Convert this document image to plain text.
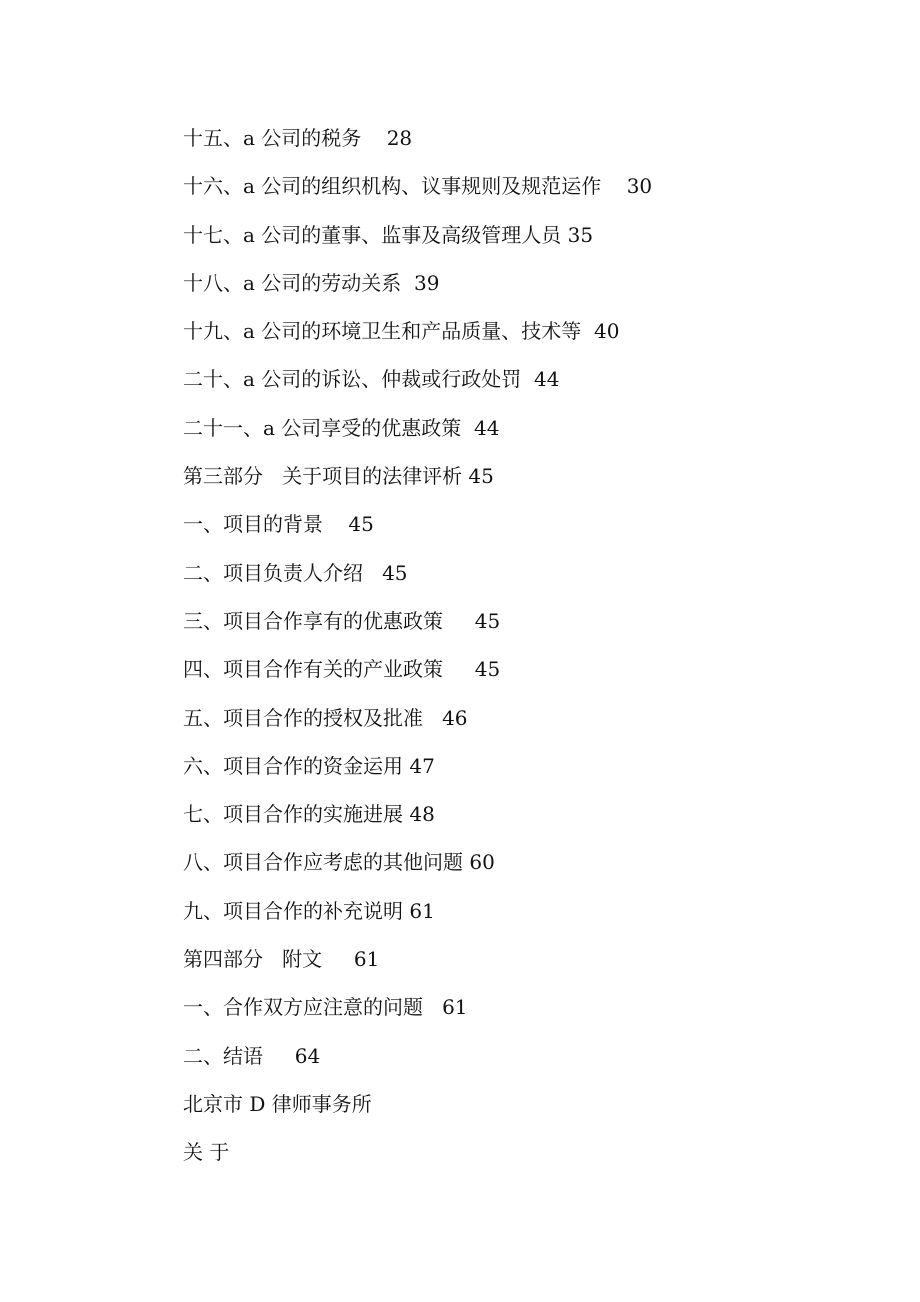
十五、a 公司的税务    28
十六、a 公司的组织机构、议事规则及规范运作    30
十七、a 公司的董事、监事及高级管理人员 35
十八、a 公司的劳动关系  39
十九、a 公司的环境卫生和产品质量、技术等  40
二十、a 公司的诉讼、仲裁或行政处罚  44
二十一、a 公司享受的优惠政策  44
第三部分   关于项目的法律评析 45
一、项目的背景    45
二、项目负责人介绍   45
三、项目合作享有的优惠政策     45
四、项目合作有关的产业政策     45
五、项目合作的授权及批准   46
六、项目合作的资金运用 47
七、项目合作的实施进展 48
八、项目合作应考虑的其他问题 60
九、项目合作的补充说明 61
第四部分   附文     61
一、合作双方应注意的问题   61
二、结语     64
北京市 D 律师事务所
关 于
